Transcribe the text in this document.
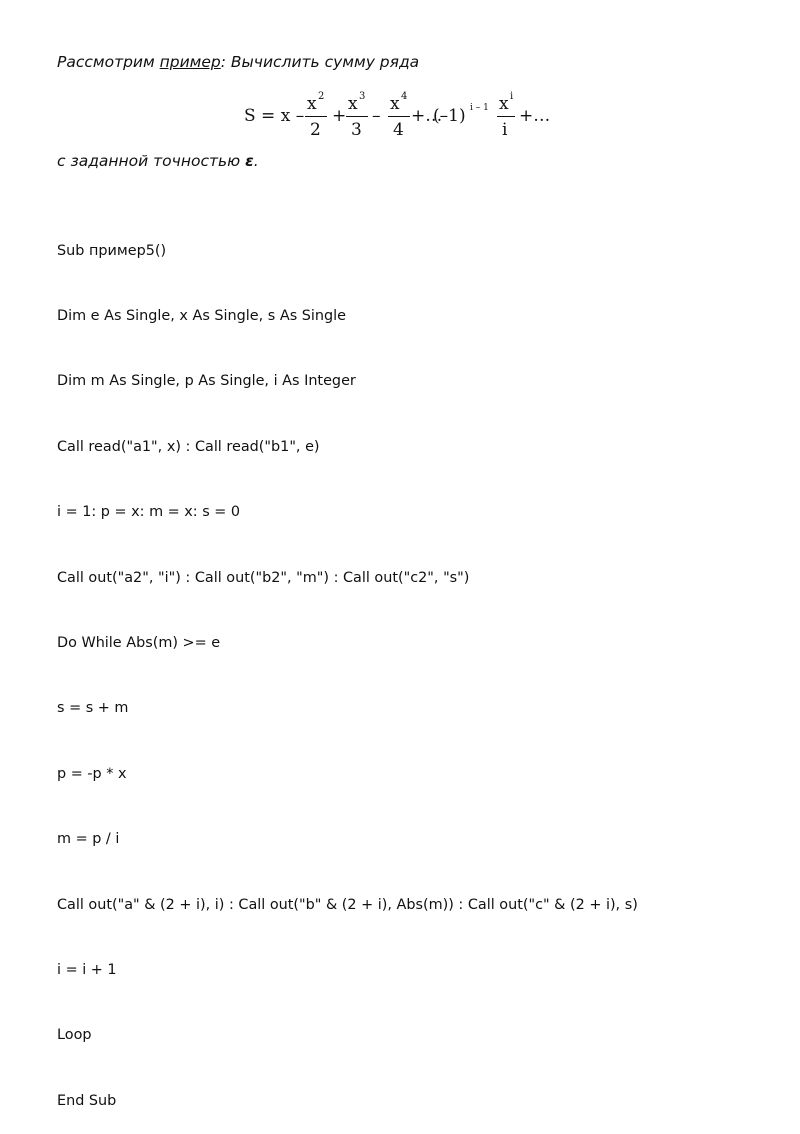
Рассмотрим пример: Вычислить сумму ряда
S = x –
x 2
2
+
x 3
3
–
x 4
4
+…
(–1) i – 1 x i
i
+…
с заданной точностью ε.

Sub пример5()

Dim e As Single, x As Single, s As Single

Dim m As Single, p As Single, i As Integer

Call read("a1", x) : Call read("b1", e)

i = 1: p = x: m = x: s = 0

Call out("a2", "i") : Call out("b2", "m") : Call out("c2", "s")

Do While Abs(m) >= e

s = s + m

p = -p * x

m = p / i

Call out("a" & (2 + i), i) : Call out("b" & (2 + i), Abs(m)) : Call out("c" & (2 + i), s)

i = i + 1

Loop

End Sub
